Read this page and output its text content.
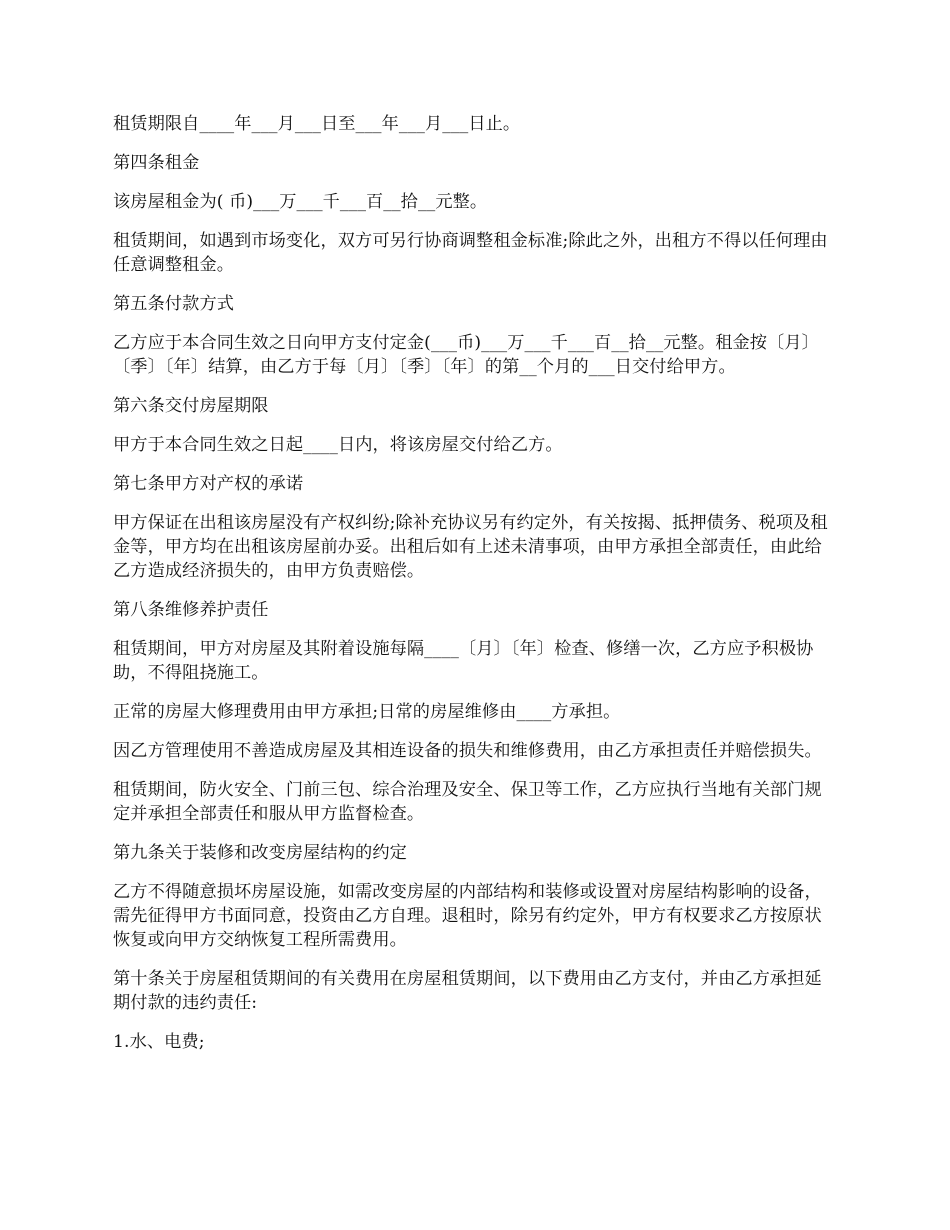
租赁期限自____年___月___日至___年___月___日止。

第四条租金

该房屋租金为( 币)___万___千___百__拾__元整。

租赁期间，如遇到市场变化，双方可另行协商调整租金标准;除此之外，出租方不得以任何理由任意调整租金。

第五条付款方式

乙方应于本合同生效之日向甲方支付定金(___币)___万___千___百__拾__元整。租金按〔月〕〔季〕〔年〕结算，由乙方于每〔月〕〔季〕〔年〕的第__个月的___日交付给甲方。

第六条交付房屋期限

甲方于本合同生效之日起____日内，将该房屋交付给乙方。

第七条甲方对产权的承诺

甲方保证在出租该房屋没有产权纠纷;除补充协议另有约定外，有关按揭、抵押债务、税项及租金等，甲方均在出租该房屋前办妥。出租后如有上述未清事项，由甲方承担全部责任，由此给乙方造成经济损失的，由甲方负责赔偿。

第八条维修养护责任

租赁期间，甲方对房屋及其附着设施每隔____〔月〕〔年〕检查、修缮一次，乙方应予积极协助，不得阻挠施工。

正常的房屋大修理费用由甲方承担;日常的房屋维修由____方承担。

因乙方管理使用不善造成房屋及其相连设备的损失和维修费用，由乙方承担责任并赔偿损失。

租赁期间，防火安全、门前三包、综合治理及安全、保卫等工作，乙方应执行当地有关部门规定并承担全部责任和服从甲方监督检查。

第九条关于装修和改变房屋结构的约定

乙方不得随意损坏房屋设施，如需改变房屋的内部结构和装修或设置对房屋结构影响的设备，需先征得甲方书面同意，投资由乙方自理。退租时，除另有约定外，甲方有权要求乙方按原状恢复或向甲方交纳恢复工程所需费用。

第十条关于房屋租赁期间的有关费用在房屋租赁期间，以下费用由乙方支付，并由乙方承担延期付款的违约责任:

1.水、电费;
